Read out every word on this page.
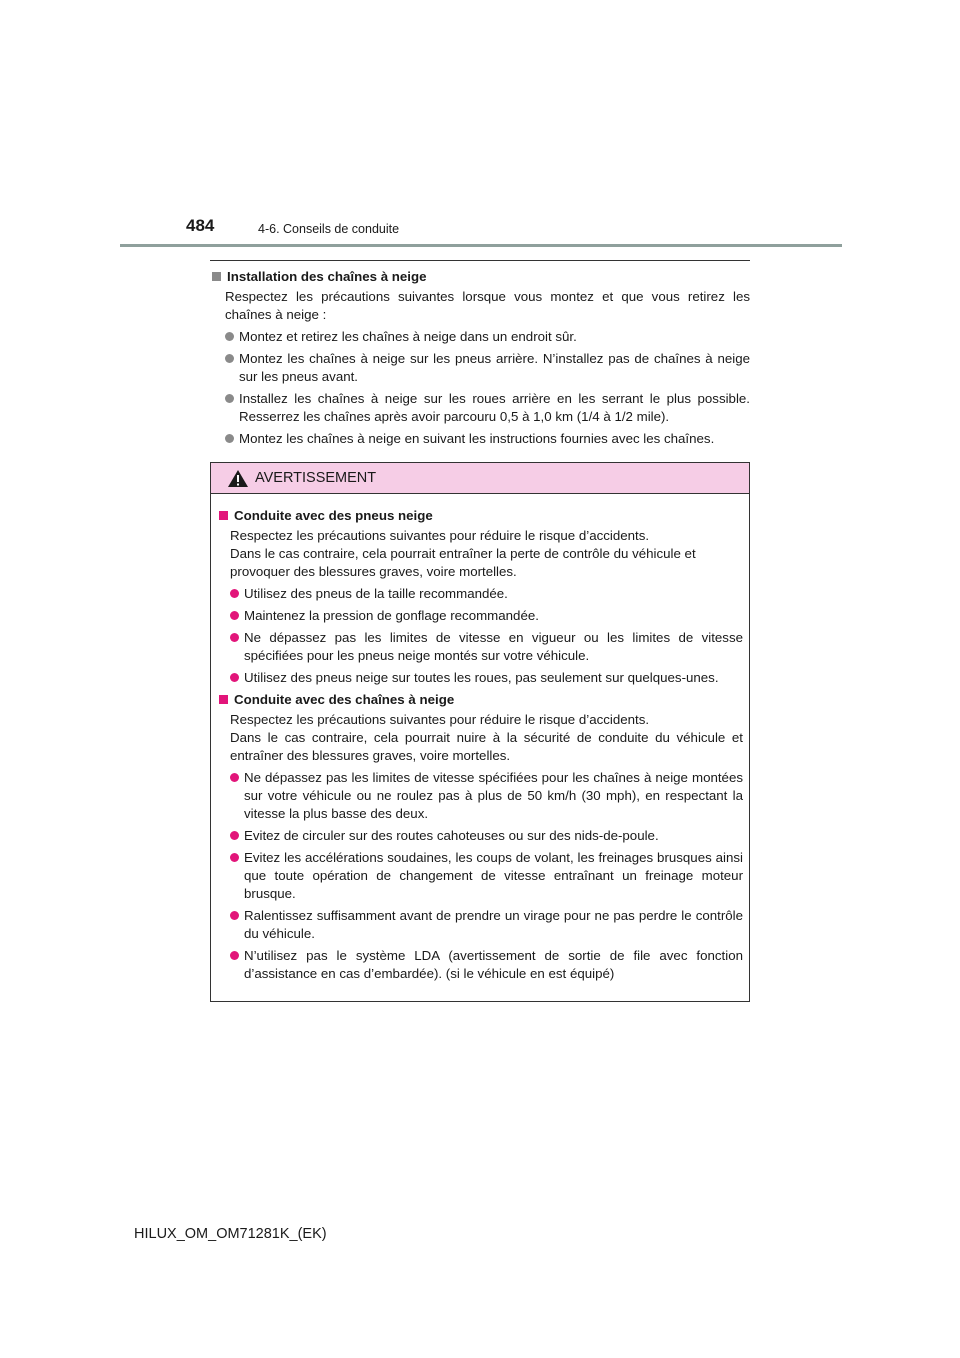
484	4-6. Conseils de conduite
Installation des chaînes à neige
Respectez les précautions suivantes lorsque vous montez et que vous retirez les chaînes à neige :
Montez et retirez les chaînes à neige dans un endroit sûr.
Montez les chaînes à neige sur les pneus arrière. N’installez pas de chaînes à neige sur les pneus avant.
Installez les chaînes à neige sur les roues arrière en les serrant le plus possible. Resserrez les chaînes après avoir parcouru 0,5 à 1,0 km (1/4 à 1/2 mile).
Montez les chaînes à neige en suivant les instructions fournies avec les chaînes.
AVERTISSEMENT
Conduite avec des pneus neige
Respectez les précautions suivantes pour réduire le risque d’accidents.
Dans le cas contraire, cela pourrait entraîner la perte de contrôle du véhicule et provoquer des blessures graves, voire mortelles.
Utilisez des pneus de la taille recommandée.
Maintenez la pression de gonflage recommandée.
Ne dépassez pas les limites de vitesse en vigueur ou les limites de vitesse spécifiées pour les pneus neige montés sur votre véhicule.
Utilisez des pneus neige sur toutes les roues, pas seulement sur quelques-unes.
Conduite avec des chaînes à neige
Respectez les précautions suivantes pour réduire le risque d’accidents.
Dans le cas contraire, cela pourrait nuire à la sécurité de conduite du véhicule et entraîner des blessures graves, voire mortelles.
Ne dépassez pas les limites de vitesse spécifiées pour les chaînes à neige montées sur votre véhicule ou ne roulez pas à plus de 50 km/h (30 mph), en respectant la vitesse la plus basse des deux.
Evitez de circuler sur des routes cahoteuses ou sur des nids-de-poule.
Evitez les accélérations soudaines, les coups de volant, les freinages brusques ainsi que toute opération de changement de vitesse entraînant un freinage moteur brusque.
Ralentissez suffisamment avant de prendre un virage pour ne pas perdre le contrôle du véhicule.
N’utilisez pas le système LDA (avertissement de sortie de file avec fonction d’assistance en cas d’embardée). (si le véhicule en est équipé)
HILUX_OM_OM71281K_(EK)
